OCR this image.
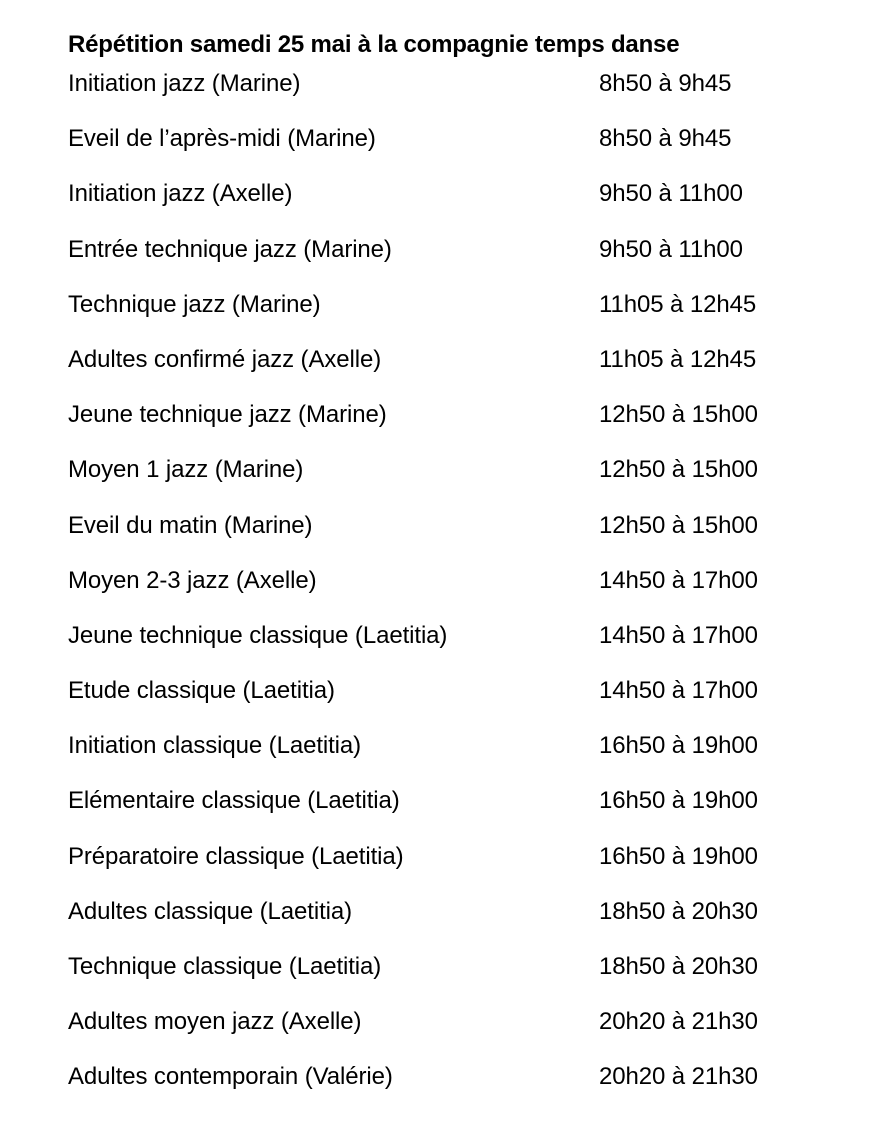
Répétition samedi 25 mai à la compagnie temps danse
Initiation jazz (Marine)	8h50 à 9h45
Eveil de l’après-midi (Marine)	8h50 à 9h45
Initiation jazz (Axelle)	9h50 à 11h00
Entrée technique jazz (Marine)	9h50 à 11h00
Technique jazz (Marine)	11h05 à 12h45
Adultes confirmé jazz (Axelle)	11h05 à 12h45
Jeune technique jazz (Marine)	12h50 à 15h00
Moyen 1 jazz (Marine)	12h50 à 15h00
Eveil du matin (Marine)	12h50 à 15h00
Moyen 2-3 jazz (Axelle)	14h50 à 17h00
Jeune technique classique (Laetitia)	14h50 à 17h00
Etude classique (Laetitia)	14h50 à 17h00
Initiation classique (Laetitia)	16h50 à 19h00
Elémentaire classique (Laetitia)	16h50 à 19h00
Préparatoire classique (Laetitia)	16h50 à 19h00
Adultes classique (Laetitia)	18h50 à 20h30
Technique classique (Laetitia)	18h50 à 20h30
Adultes moyen jazz (Axelle)	20h20 à 21h30
Adultes contemporain (Valérie)	20h20 à 21h30
